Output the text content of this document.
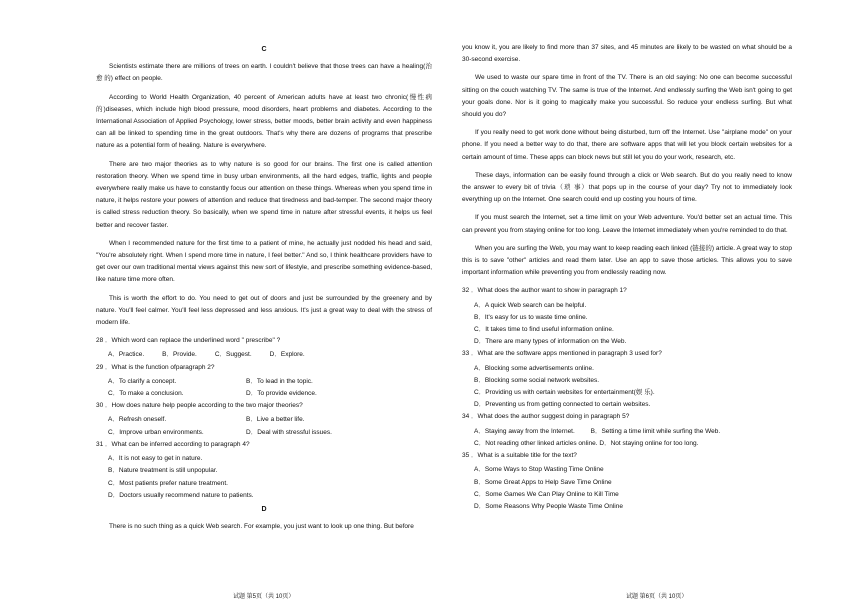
C

Scientists estimate there are millions of trees on earth. I couldn't believe that those trees can have a healing(治 愈 的) effect on people.

According to World Health Organization, 40 percent of American adults have at least two chronic(慢性病 的)diseases, which include high blood pressure, mood disorders, heart problems and diabetes. According to the International Association of Applied Psychology, lower stress, better moods, better brain activity and even happiness can all be linked to spending time in the great outdoors. That's why there are dozens of programs that prescribe nature as a potential form of healing. Nature is everywhere.

There are two major theories as to why nature is so good for our brains. The first one is called attention restoration theory. When we spend time in busy urban environments, all the hard edges, traffic, lights and people everywhere really make us have to constantly focus our attention on these things. Whereas when you spend time in nature, it helps restore your powers of attention and reduce that tiredness and bad-temper. The second major theory is called stress reduction theory. So basically, when we spend time in nature after stressful events, it helps us feel better and recover faster.

When I recommended nature for the first time to a patient of mine, he actually just nodded his head and said, "You're absolutely right. When I spend more time in nature, I feel better." And so, I think healthcare providers have to get over our own traditional mental views against this new sort of lifestyle, and prescribe something evidence-based, like nature time more often.

This is worth the effort to do. You need to get out of doors and just be surrounded by the greenery and by nature. You'll feel calmer. You'll feel less depressed and less anxious. It's just a great way to deal with the stress of modern life.

28 ．Which word can replace the underlined word " prescribe" ?
A．Practice.	B．Provide.	C．Suggest.	D．Explore.
29 ．What is the function ofparagraph 2?
A．To clarify a concept.	B．To lead in the topic.
C．To make a conclusion.	D．To provide evidence.
30 ．How does nature help people according to the two major theories?
A．Refresh oneself.	B．Live a better life.
C．Improve urban environments.	D．Deal with stressful issues.
31 ．What can be inferred according to paragraph 4?
A．It is not easy to get in nature.
B．Nature treatment is still unpopular.
C．Most patients prefer nature treatment.
D．Doctors usually recommend nature to patients.
D

There is no such thing as a quick Web search. For example, you just want to look up one thing. But before

you know it, you are likely to find more than 37 sites, and 45 minutes are likely to be wasted on what should be a 30-second exercise.

We used to waste our spare time in front of the TV. There is an old saying: No one can become successful sitting on the couch watching TV. The same is true of the Internet. And endlessly surfing the Web isn't going to get your goals done. Nor is it going to magically make you successful. So reduce your endless surfing. But what should you do?

If you really need to get work done without being disturbed, turn off the Internet. Use "airplane mode" on your phone. If you need a better way to do that, there are software apps that will let you block certain websites for a certain amount of time. These apps can block news but still let you do your work, research, etc.

These days, information can be easily found through a click or Web search. But do you really need to know the answer to every bit of trivia（琐 事）that pops up in the course of your day? Try not to immediately look everything up on the Internet. One search could end up costing you hours of time.

If you must search the Internet, set a time limit on your Web adventure. You'd better set an actual time. This can prevent you from staying online for too long. Leave the Internet immediately when you're reminded to do that.

When you are surfing the Web, you may want to keep reading each linked (链接的) article. A great way to stop this is to save "other" articles and read them later. Use an app to save those articles. This allows you to save important information while preventing you from endlessly reading now.

32 ．What does the author want to show in paragraph 1?
A．A quick Web search can be helpful.
B．It's easy for us to waste time online.
C．It takes time to find useful information online.
D．There are many types of information on the Web.
33 ．What are the software apps mentioned in paragraph 3 used for?
A．Blocking some advertisements online.
B．Blocking some social network websites.
C．Providing us with certain websites for entertainment(娱 乐).
D．Preventing us from getting connected to certain websites.
34 ．What does the author suggest doing in paragraph 5?
A．Staying away from the Internet. B．Setting a time limit while surfing the Web.
C．Not reading other linked articles online. D．Not staying online for too long.
35 ．What is a suitable title for the text?
A．Some Ways to Stop Wasting Time Online
B．Some Great Apps to Help Save Time Online
C．Some Games We Can Play Online to Kill Time
D．Some Reasons Why People Waste Time Online
试题 第5页（共 10页）	试题 第6页（共 10页）
